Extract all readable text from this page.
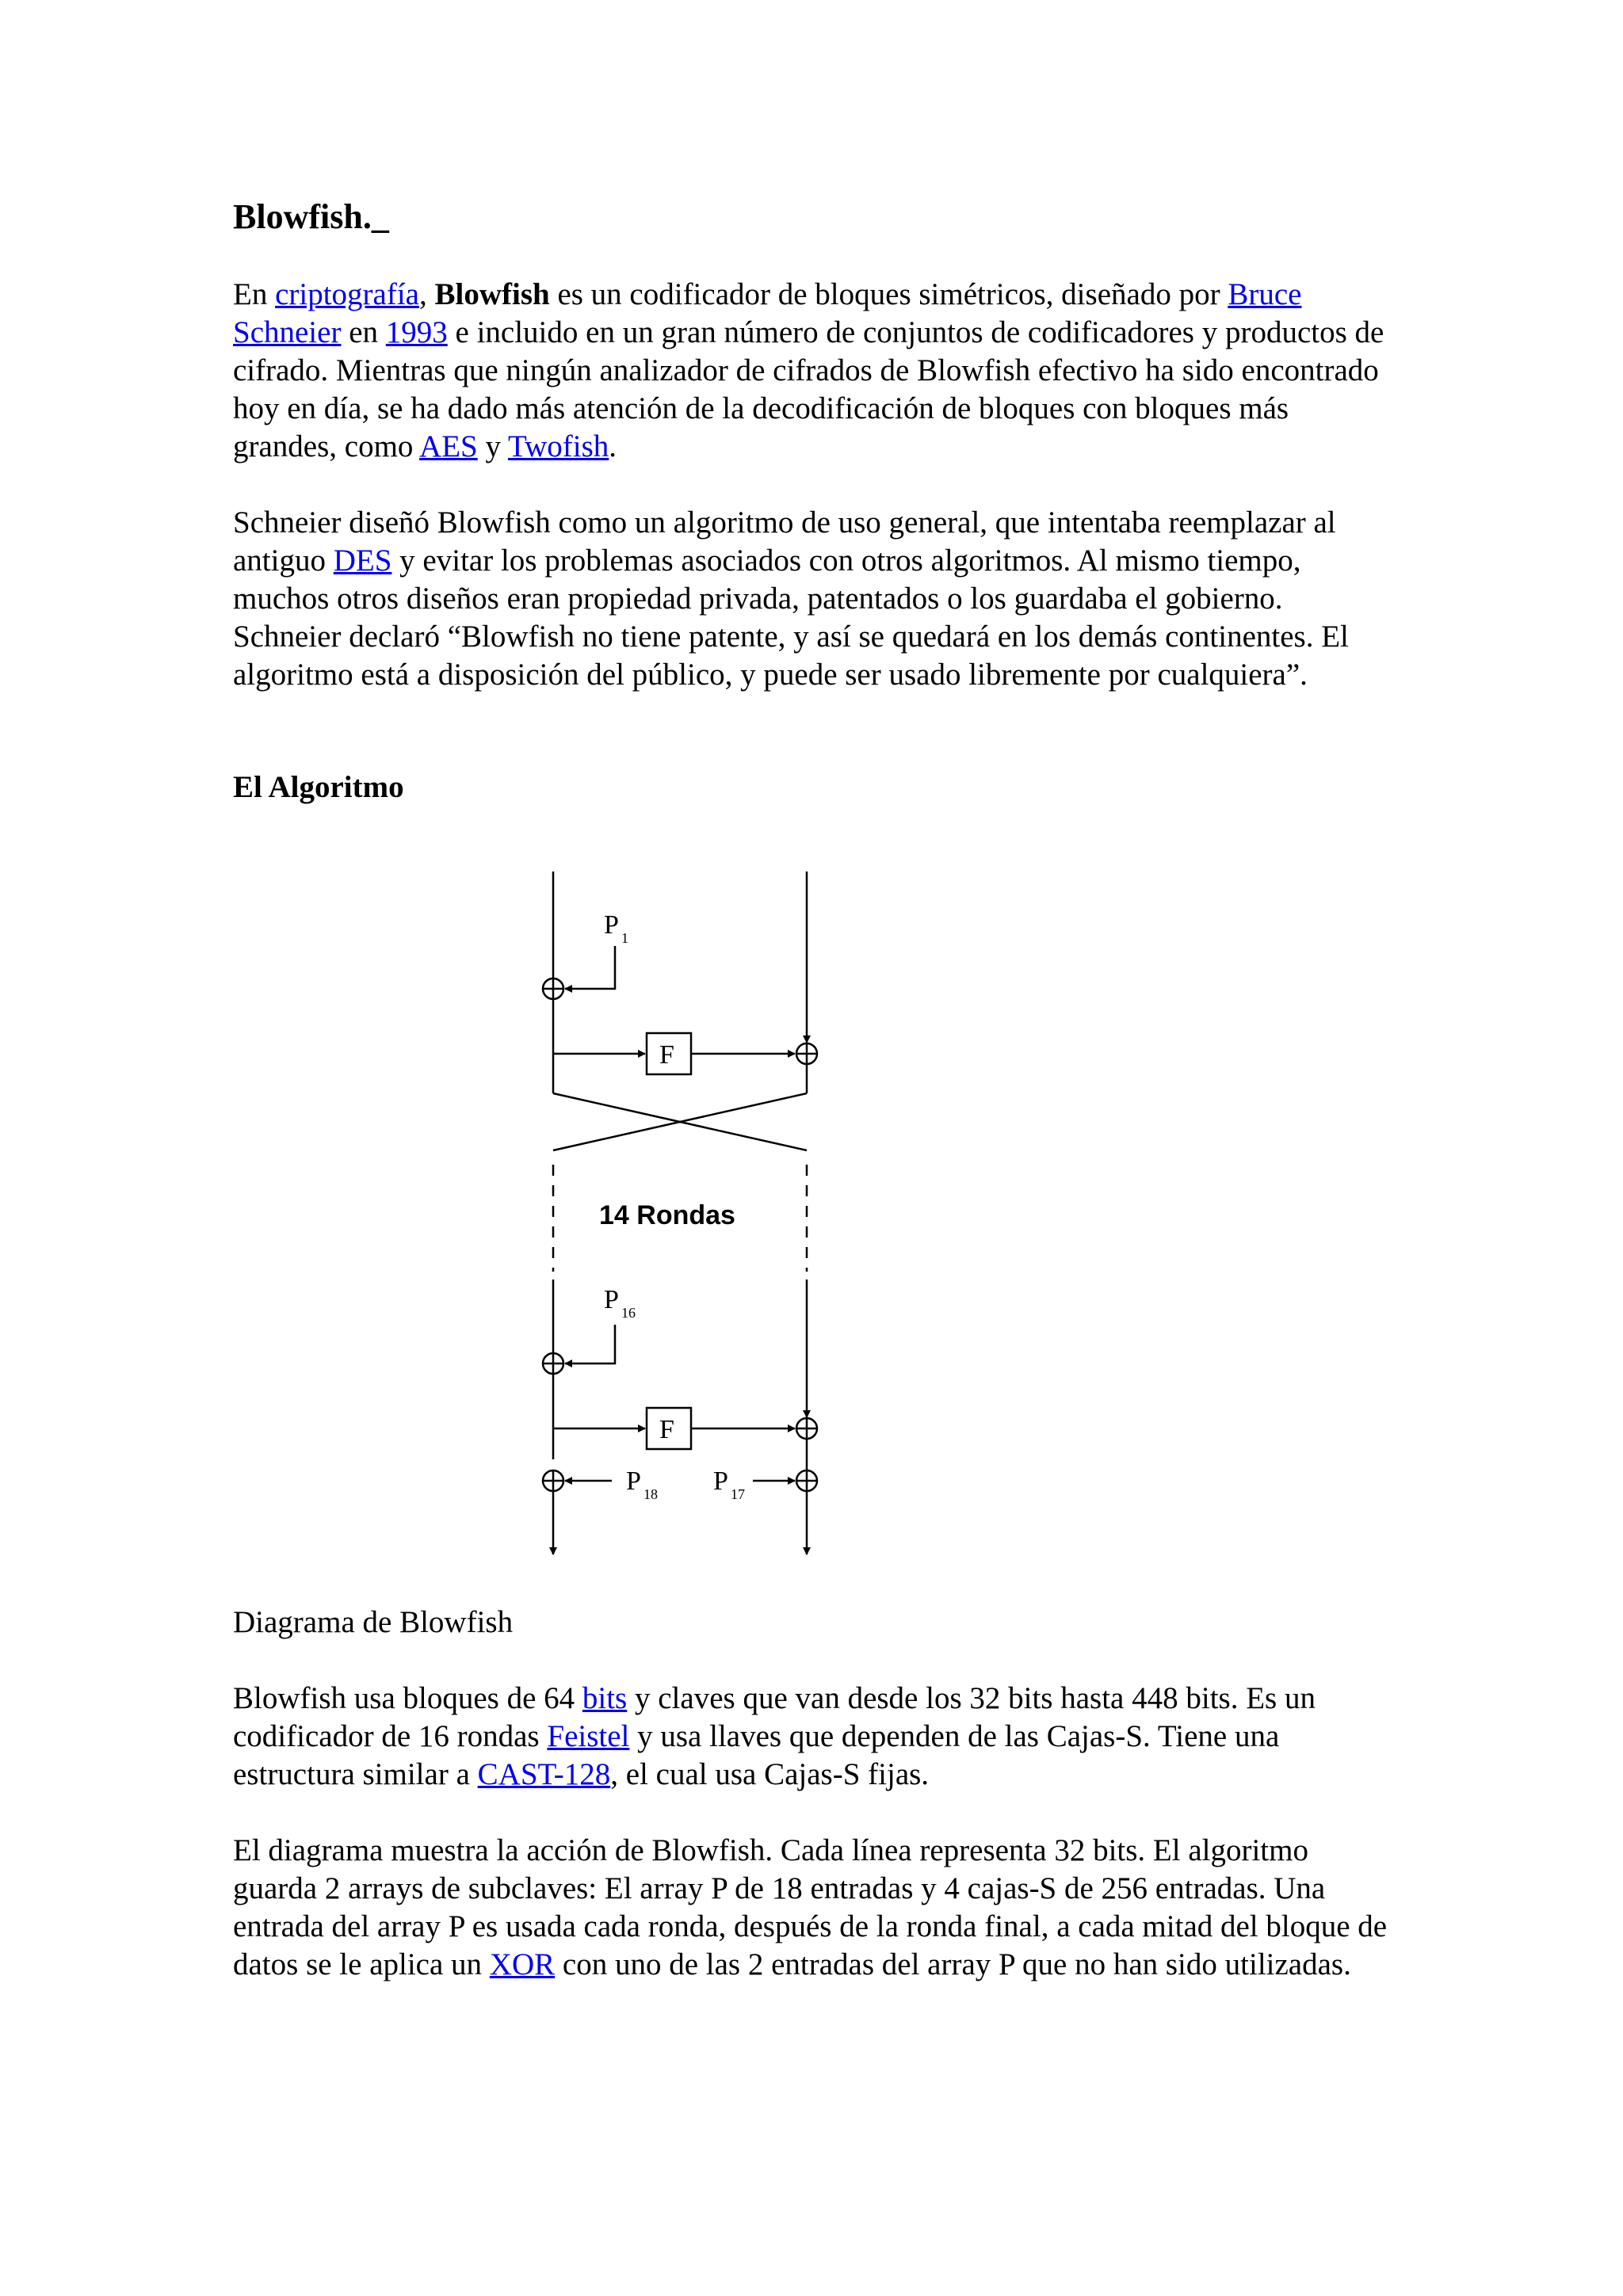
Blowfish._

En criptografía, Blowfish es un codificador de bloques simétricos, diseñado por Bruce Schneier en 1993 e incluido en un gran número de conjuntos de codificadores y productos de cifrado. Mientras que ningún analizador de cifrados de Blowfish efectivo ha sido encontrado hoy en día, se ha dado más atención de la decodificación de bloques con bloques más grandes, como AES y Twofish.

Schneier diseñó Blowfish como un algoritmo de uso general, que intentaba reemplazar al antiguo DES y evitar los problemas asociados con otros algoritmos. Al mismo tiempo, muchos otros diseños eran propiedad privada, patentados o los guardaba el gobierno. Schneier declaró “Blowfish no tiene patente, y así se quedará en los demás continentes. El algoritmo está a disposición del público, y puede ser usado libremente por cualquiera”.

El Algoritmo

P 1
F
14 Rondas
P 16
F
P 18 P 17

Diagrama de Blowfish

Blowfish usa bloques de 64 bits y claves que van desde los 32 bits hasta 448 bits. Es un codificador de 16 rondas Feistel y usa llaves que dependen de las Cajas-S. Tiene una estructura similar a CAST-128, el cual usa Cajas-S fijas.

El diagrama muestra la acción de Blowfish. Cada línea representa 32 bits. El algoritmo guarda 2 arrays de subclaves: El array P de 18 entradas y 4 cajas-S de 256 entradas. Una entrada del array P es usada cada ronda, después de la ronda final, a cada mitad del bloque de datos se le aplica un XOR con uno de las 2 entradas del array P que no han sido utilizadas.
